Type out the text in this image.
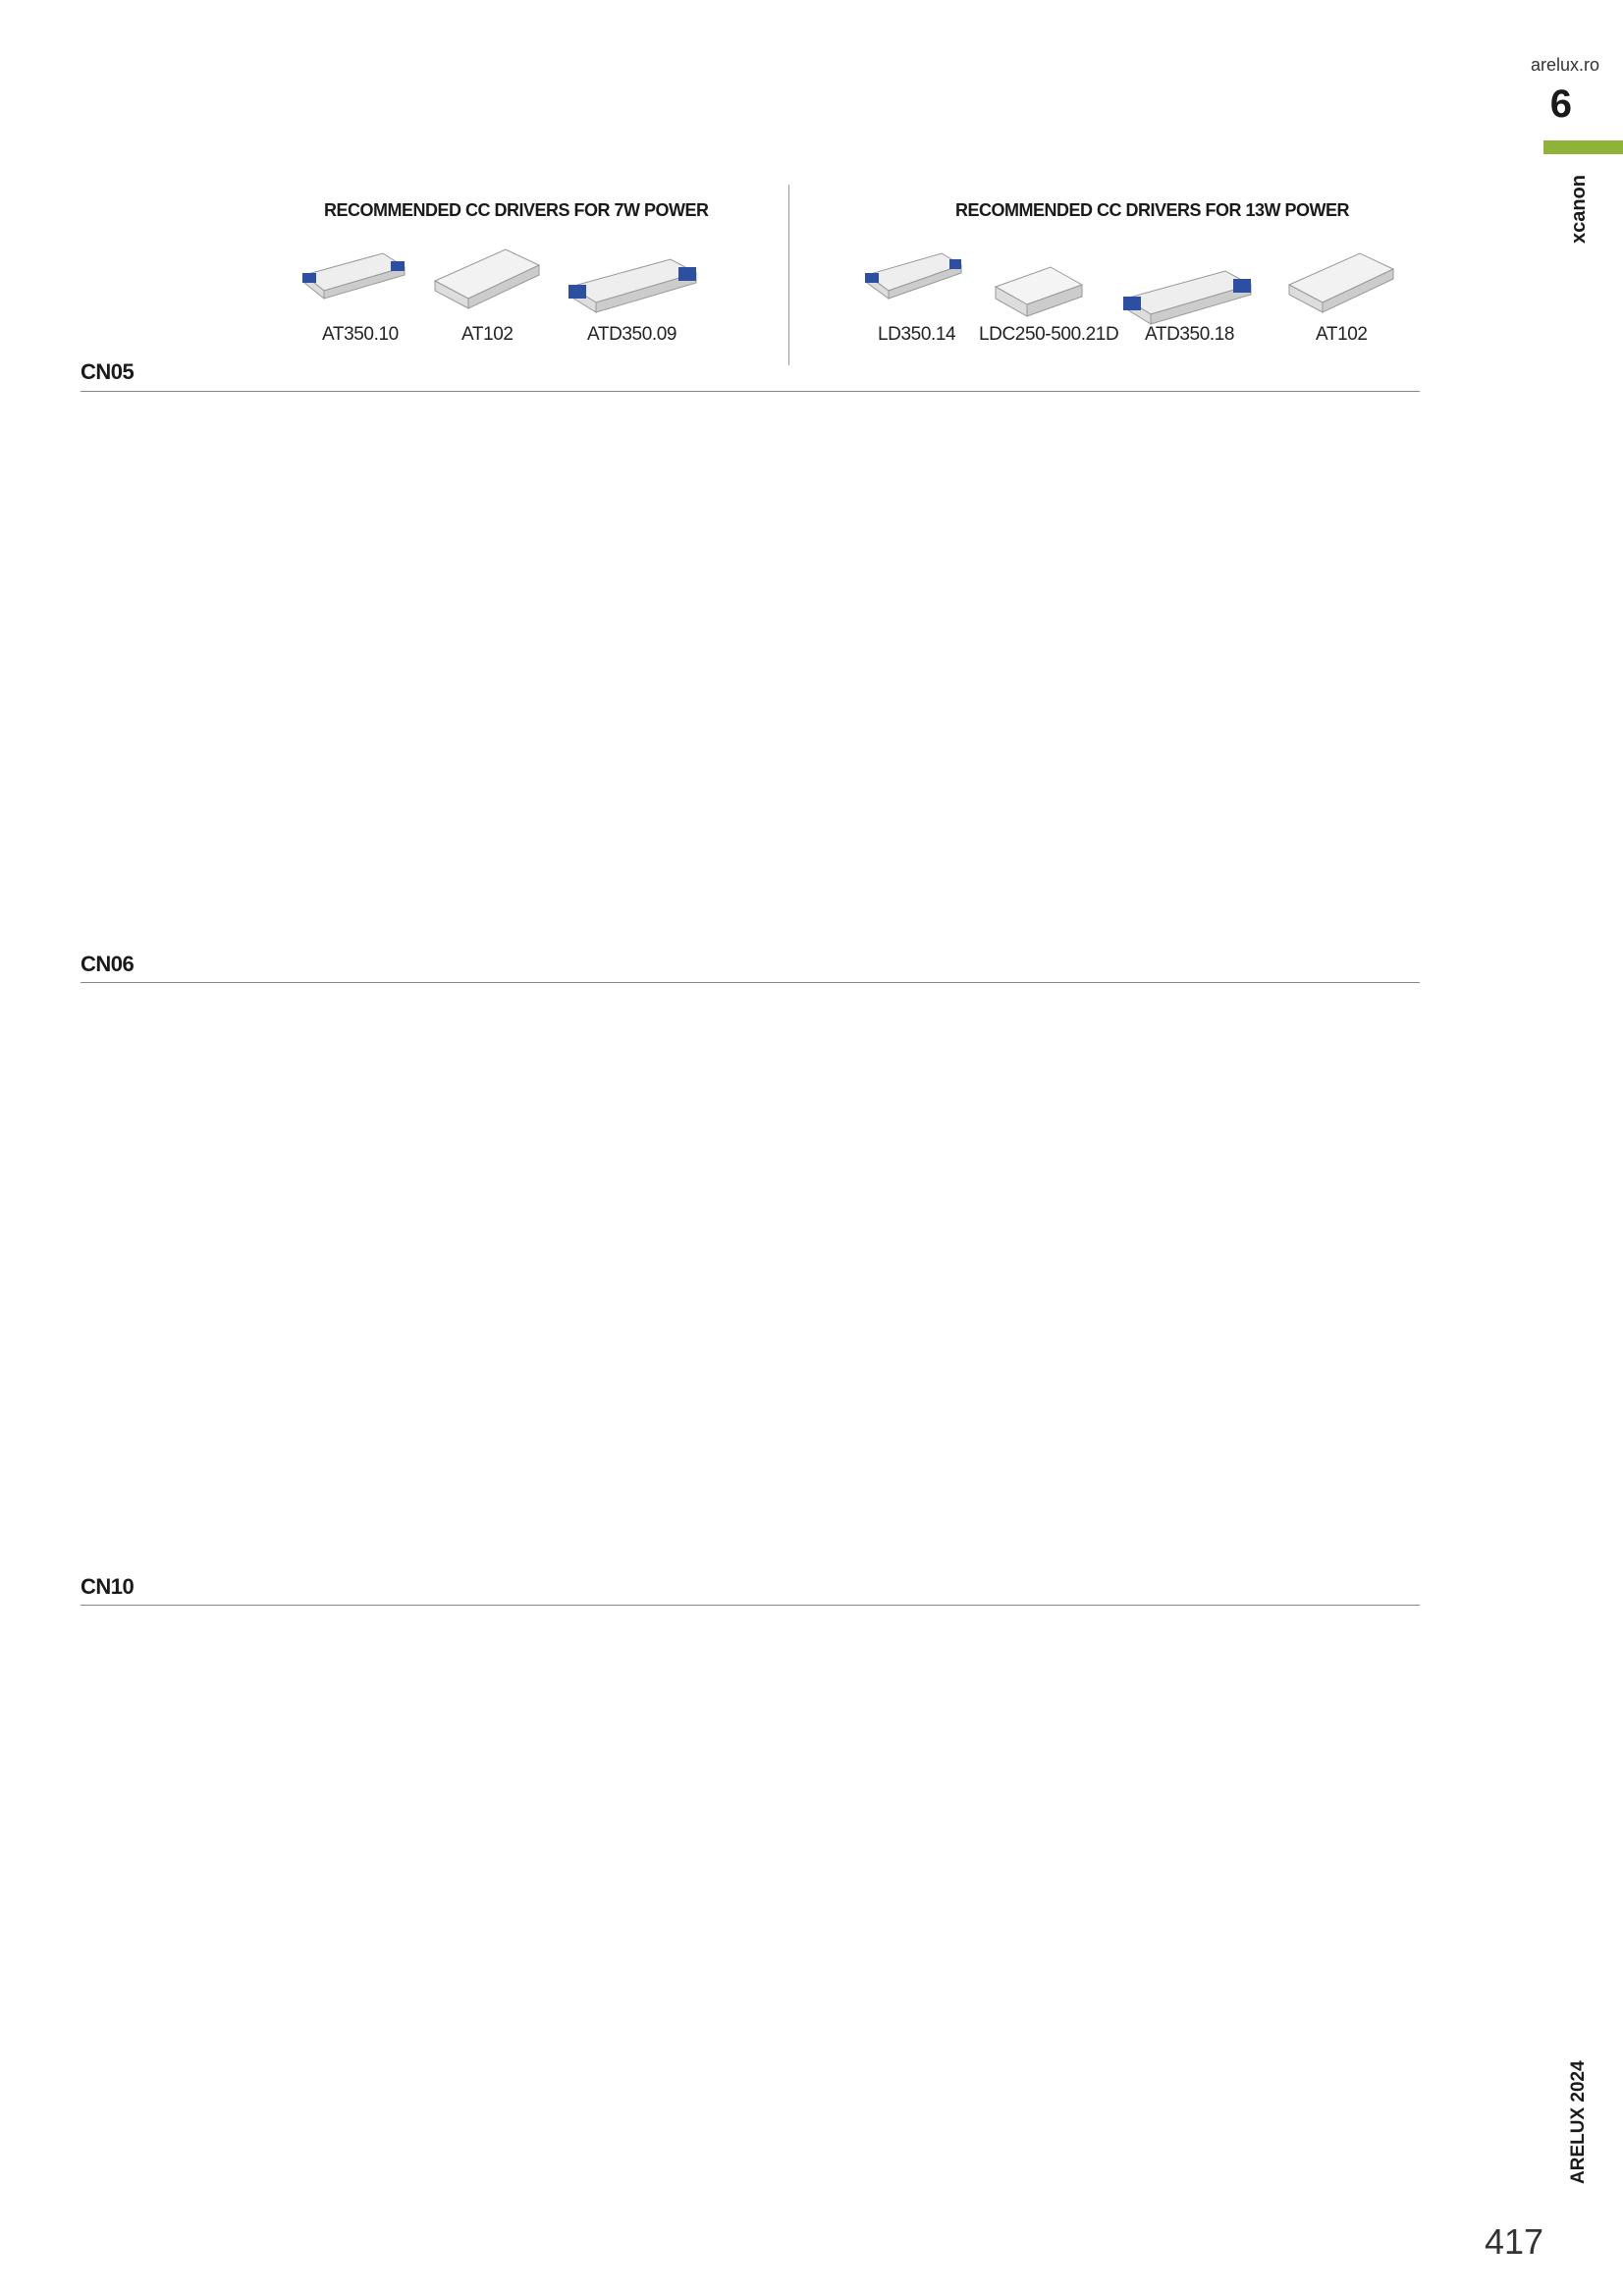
arelux.ro
6
xcanon
ARELUX 2024
417
RECOMMENDED CC DRIVERS FOR 7W POWER	RECOMMENDED CC DRIVERS FOR 13W POWER
AT350.10	AT102	ATD350.09	LD350.14 LDC250-500.21D ATD350.18	AT102
CN05
CN06
CN10
